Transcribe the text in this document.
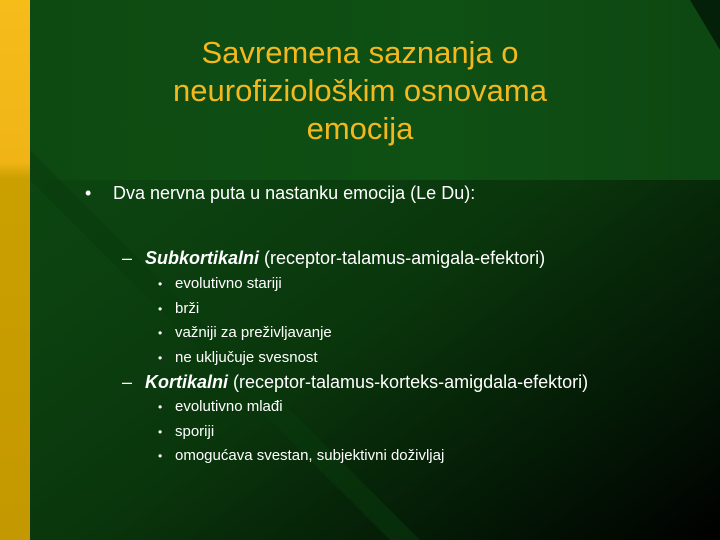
Savremena saznanja o
neurofiziološkim osnovama
emocija
• Dva nervna puta u nastanku emocija (Le Du):
– Subkortikalni (receptor-talamus-amigala-efektori)
• evolutivno stariji
• brži
• važniji za preživljavanje
• ne uključuje svesnost
– Kortikalni (receptor-talamus-korteks-amigdala-efektori)
• evolutivno mlađi
• sporiji
• omogućava svestan, subjektivni doživljaj
